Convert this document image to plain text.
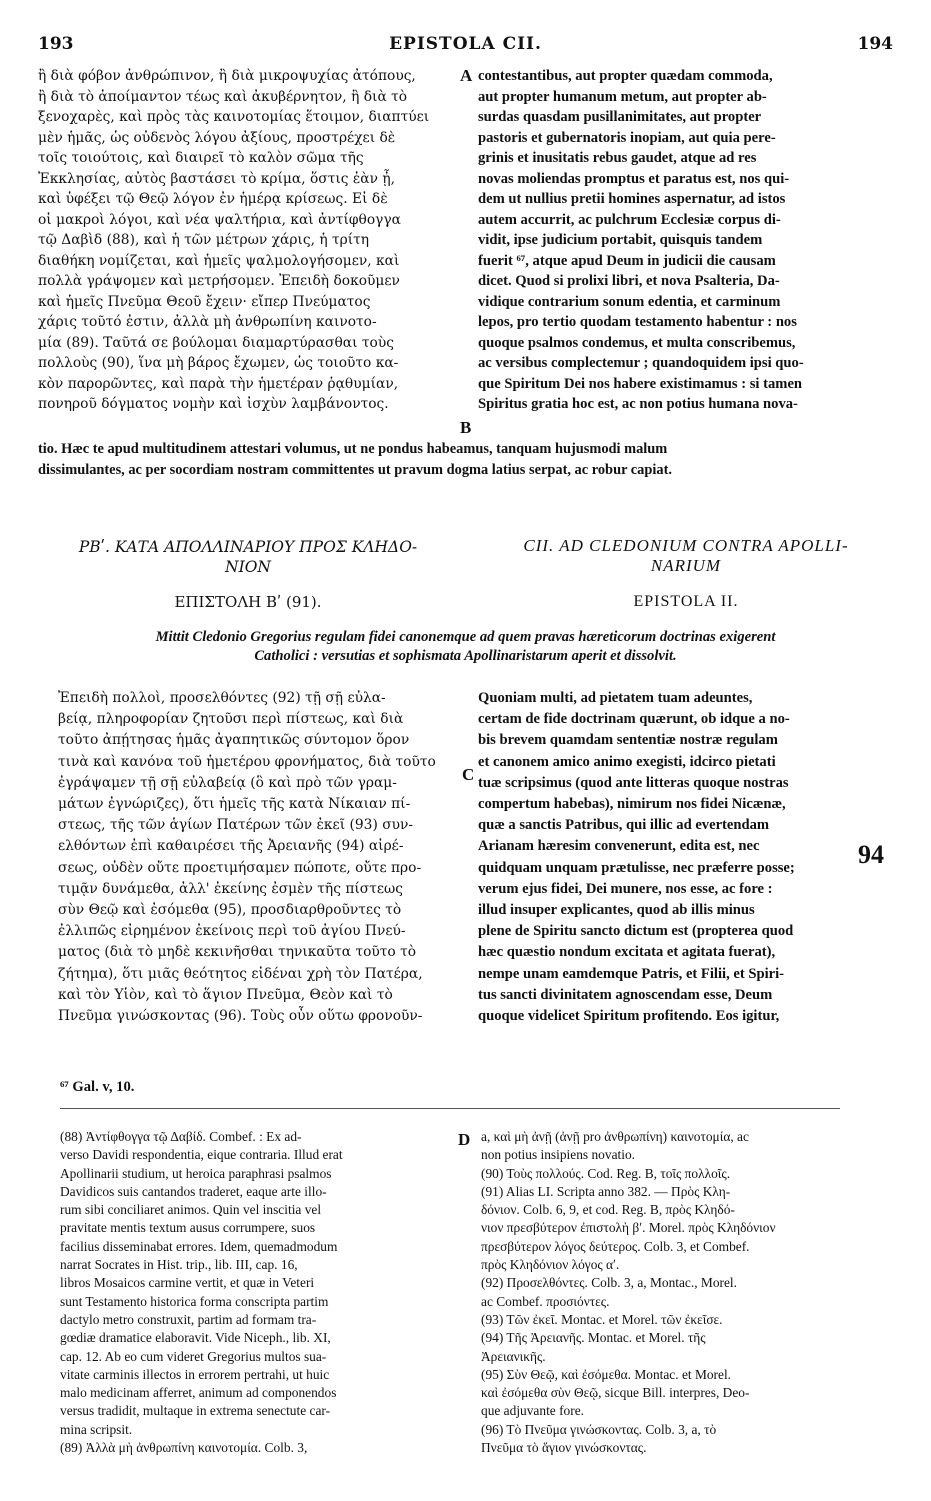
193	EPISTOLA CII.	194
ἢ διὰ φόβον ἀνθρώπινον, ἢ διὰ μικροψυχίας ἀτόπους,
ἢ διὰ τὸ ἀποίμαντον τέως καὶ ἀκυβέρνητον, ἢ διὰ τὸ
ξενοχαρὲς, καὶ πρὸς τὰς καινοτομίας ἕτοιμον, διαπτύει
μὲν ἡμᾶς, ὡς οὐδενὸς λόγου ἀξίους, προστρέχει δὲ
τοῖς τοιούτοις, καὶ διαιρεῖ τὸ καλὸν σῶμα τῆς
Ἐκκλησίας, αὐτὸς βαστάσει τὸ κρίμα, ὅστις ἐὰν ᾖ,
καὶ ὑφέξει τῷ Θεῷ λόγον ἐν ἡμέρᾳ κρίσεως. Εἰ δὲ
οἱ μακροὶ λόγοι, καὶ νέα ψαλτήρια, καὶ ἀντίφθογγα
τῷ Δαβὶδ (88), καὶ ἡ τῶν μέτρων χάρις, ἡ τρίτη
διαθήκη νομίζεται, καὶ ἡμεῖς ψαλμολογήσομεν, καὶ
πολλὰ γράψομεν καὶ μετρήσομεν. Ἐπειδὴ δοκοῦμεν
καὶ ἡμεῖς Πνεῦμα Θεοῦ ἔχειν· εἴπερ Πνεύματος
χάρις τοῦτό ἐστιν, ἀλλὰ μὴ ἀνθρωπίνη καινοτο-
μία (89). Ταῦτά σε βούλομαι διαμαρτύρασθαι τοὺς
πολλοὺς (90), ἵνα μὴ βάρος ἔχωμεν, ὡς τοιοῦτο κα-
κὸν παρορῶντες, καὶ παρὰ τὴν ἡμετέραν ῥᾳθυμίαν,
πονηροῦ δόγματος νομὴν καὶ ἰσχὺν λαμβάνοντος.
A
B
contestantibus, aut propter quædam commoda,
aut propter humanum metum, aut propter ab-
surdas quasdam pusillanimitates, aut propter
pastoris et gubernatoris inopiam, aut quia pere-
grinis et inusitatis rebus gaudet, atque ad res
novas moliendas promptus et paratus est, nos qui-
dem ut nullius pretii homines aspernatur, ad istos
autem accurrit, ac pulchrum Ecclesiæ corpus di-
vidit, ipse judicium portabit, quisquis tandem
fuerit ⁶⁷, atque apud Deum in judicii die causam
dicet. Quod si prolixi libri, et nova Psalteria, Da-
vidique contrarium sonum edentia, et carminum
lepos, pro tertio quodam testamento habentur : nos
quoque psalmos condemus, et multa conscribemus,
ac versibus complectemur ; quandoquidem ipsi quo-
que Spiritum Dei nos habere existimamus : si tamen
Spiritus gratia hoc est, ac non potius humana nova-
tio. Hæc te apud multitudinem attestari volumus, ut ne pondus habeamus, tanquam hujusmodi malum
dissimulantes, ac per socordiam nostram committentes ut pravum dogma latius serpat, ac robur capiat.
ΡΒʹ. ΚΑΤΑ ΑΠΟΛΛΙΝΑΡΙΟΥ ΠΡΟΣ ΚΛΗΔΟ-
ΝΙΟΝ
CII. AD CLEDONIUM CONTRA APOLLI-
NARIUM
ΕΠΙΣΤΟΛΗ Βʹ (91).	EPISTOLA II.
Mittit Cledonio Gregorius regulam fidei canonemque ad quem pravas hæreticorum doctrinas exigerent
Catholici : versutias et sophismata Apollinaristarum aperit et dissolvit.
Ἐπειδὴ πολλοὶ, προσελθόντες (92) τῇ σῇ εὐλα-
βείᾳ, πληροφορίαν ζητοῦσι περὶ πίστεως, καὶ διὰ
τοῦτο ἀπῄτησας ἡμᾶς ἀγαπητικῶς σύντομον ὅρον
τινὰ καὶ κανόνα τοῦ ἡμετέρου φρονήματος, διὰ τοῦτο
ἐγράψαμεν τῇ σῇ εὐλαβείᾳ (ὃ καὶ πρὸ τῶν γραμ-
μάτων ἐγνώριζες), ὅτι ἡμεῖς τῆς κατὰ Νίκαιαν πί-
στεως, τῆς τῶν ἁγίων Πατέρων τῶν ἐκεῖ (93) συν-
ελθόντων ἐπὶ καθαιρέσει τῆς Ἀρειανῆς (94) αἱρέ-
σεως, οὐδὲν οὔτε προετιμήσαμεν πώποτε, οὔτε προ-
τιμᾷν δυνάμεθα, ἀλλ' ἐκείνης ἐσμὲν τῆς πίστεως
σὺν Θεῷ καὶ ἐσόμεθα (95), προσδιαρθροῦντες τὸ
ἐλλιπῶς εἰρημένον ἐκείνοις περὶ τοῦ ἁγίου Πνεύ-
ματος (διὰ τὸ μηδὲ κεκινῆσθαι τηνικαῦτα τοῦτο τὸ
ζήτημα), ὅτι μιᾶς θεότητος εἰδέναι χρὴ τὸν Πατέρα,
καὶ τὸν Υἱὸν, καὶ τὸ ἅγιον Πνεῦμα, Θεὸν καὶ τὸ
Πνεῦμα γινώσκοντας (96). Τοὺς οὖν οὕτω φρονοῦν-
C
Quoniam multi, ad pietatem tuam adeuntes,
certam de fide doctrinam quærunt, ob idque a no-
bis brevem quamdam sententiæ nostræ regulam
et canonem amico animo exegisti, idcirco pietati
tuæ scripsimus (quod ante litteras quoque nostras
compertum habebas), nimirum nos fidei Nicænæ,
quæ a sanctis Patribus, qui illic ad evertendam
Arianam hæresim convenerunt, edita est, nec
quidquam unquam prætulisse, nec præferre posse;
verum ejus fidei, Dei munere, nos esse, ac fore :
illud insuper explicantes, quod ab illis minus
plene de Spiritu sancto dictum est (propterea quod
hæc quæstio nondum excitata et agitata fuerat),
nempe unam eamdemque Patris, et Filii, et Spiri-
tus sancti divinitatem agnoscendam esse, Deum
quoque videlicet Spiritum profitendo. Eos igitur,
94
⁶⁷ Gal. v, 10.
(88) Ἀντίφθογγα τῷ Δαβίδ. Combef. : Ex ad-
verso Davidi respondentia, eique contraria. Illud erat
Apollinarii studium, ut heroica paraphrasi psalmos
Davidicos suis cantandos traderet, eaque arte illo-
rum sibi conciliaret animos. Quin vel inscitia vel
pravitate mentis textum ausus corrumpere, suos
facilius disseminabat errores. Idem, quemadmodum
narrat Socrates in Hist. trip., lib. III, cap. 16,
libros Mosaicos carmine vertit, et quæ in Veteri
sunt Testamento historica forma conscripta partim
dactylo metro construxit, partim ad formam tra-
gœdiæ dramatice elaboravit. Vide Niceph., lib. XI,
cap. 12. Ab eo cum videret Gregorius multos sua-
vitate carminis illectos in errorem pertrahi, ut huic
malo medicinam afferret, animum ad componendos
versus tradidit, multaque in extrema senectute car-
mina scripsit.
(89) Ἀλλὰ μὴ ἀνθρωπίνη καινοτομία. Colb. 3,
D a, καὶ μὴ ἀνῇ (ἀνῇ pro ἀνθρωπίνη) καινοτομία, ac
non potius insipiens novatio.
(90) Τοὺς πολλούς. Cod. Reg. B, τοῖς πολλοῖς.
(91) Alias LI. Scripta anno 382. — Πρὸς Κλη-
δόνιον. Colb. 6, 9, et cod. Reg. B, πρὸς Κληδό-
νιον πρεσβύτερον ἐπιστολὴ βʹ. Morel. πρὸς Κληδόνιον
πρεσβύτερον λόγος δεύτερος. Colb. 3, et Combef.
πρὸς Κληδόνιον λόγος αʹ.
(92) Προσελθόντες. Colb. 3, a, Montac., Morel.
ac Combef. προσιόντες.
(93) Τῶν ἐκεῖ. Montac. et Morel. τῶν ἐκεῖσε.
(94) Τῆς Ἀρειανῆς. Montac. et Morel. τῆς
Ἀρειανικῆς.
(95) Σὺν Θεῷ, καὶ ἐσόμεθα. Montac. et Morel.
καὶ ἐσόμεθα σὺν Θεῷ, sicque Bill. interpres, Deo-
que adjuvante fore.
(96) Τὸ Πνεῦμα γινώσκοντας. Colb. 3, a, τὸ
Πνεῦμα τὸ ἅγιον γινώσκοντας.
